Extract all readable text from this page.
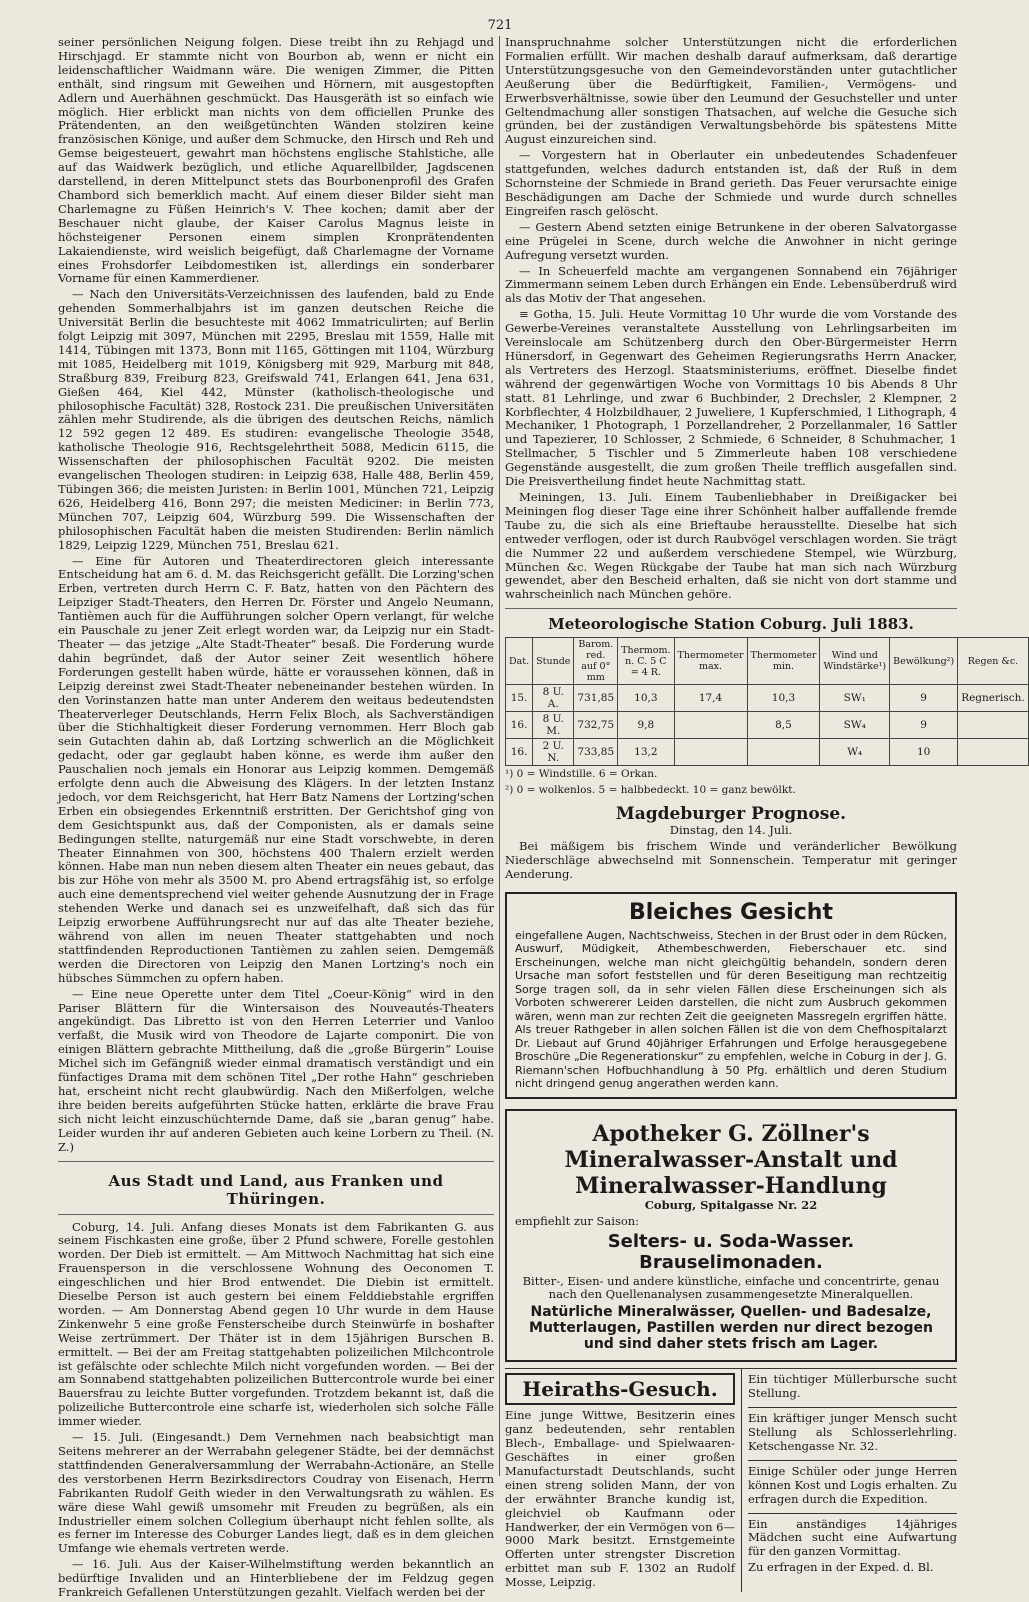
721

seiner persönlichen Neigung folgen. Diese treibt ihn zu Rehjagd und Hirschjagd. Er stammte nicht von Bourbon ab, wenn er nicht ein leidenschaftlicher Waidmann wäre. Die wenigen Zimmer, die Pitten enthält, sind ringsum mit Geweihen und Hörnern, mit ausgestopften Adlern und Auerhähnen geschmückt. Das Hausgeräth ist so einfach wie möglich. Hier erblickt man nichts von dem officiellen Prunke des Prätendenten, an den weißgetünchten Wänden stolziren keine französischen Könige, und außer dem Schmucke, den Hirsch und Reh und Gemse beigesteuert, gewahrt man höchstens englische Stahlstiche, alle auf das Waidwerk bezüglich, und etliche Aquarellbilder, Jagdscenen darstellend, in deren Mittelpunct stets das Bourbonenprofil des Grafen Chambord sich bemerklich macht. Auf einem dieser Bilder sieht man Charlemagne zu Füßen Heinrich's V. Thee kochen; damit aber der Beschauer nicht glaube, der Kaiser Carolus Magnus leiste in höchsteigener Personen einem simplen Kronprätendenten Lakaiendienste, wird weislich beigefügt, daß Charlemagne der Vorname eines Frohsdorfer Leibdomestiken ist, allerdings ein sonderbarer Vorname für einen Kammerdiener.

— Nach den Universitäts-Verzeichnissen des laufenden, bald zu Ende gehenden Sommerhalbjahrs ist im ganzen deutschen Reiche die Universität Berlin die besuchteste mit 4062 Immatriculirten; auf Berlin folgt Leipzig mit 3097, München mit 2295, Breslau mit 1559, Halle mit 1414, Tübingen mit 1373, Bonn mit 1165, Göttingen mit 1104, Würzburg mit 1085, Heidelberg mit 1019, Königsberg mit 929, Marburg mit 848, Straßburg 839, Freiburg 823, Greifswald 741, Erlangen 641, Jena 631, Gießen 464, Kiel 442, Münster (katholisch-theologische und philosophische Facultät) 328, Rostock 231. Die preußischen Universitäten zählen mehr Studirende, als die übrigen des deutschen Reichs, nämlich 12 592 gegen 12 489. Es studiren: evangelische Theologie 3548, katholische Theologie 916, Rechtsgelehrtheit 5088, Medicin 6115, die Wissenschaften der philosophischen Facultät 9202. Die meisten evangelischen Theologen studiren: in Leipzig 638, Halle 488, Berlin 459, Tübingen 366; die meisten Juristen: in Berlin 1001, München 721, Leipzig 626, Heidelberg 416, Bonn 297; die meisten Mediciner: in Berlin 773, München 707, Leipzig 604, Würzburg 599. Die Wissenschaften der philosophischen Facultät haben die meisten Studirenden: Berlin nämlich 1829, Leipzig 1229, München 751, Breslau 621.

— Eine für Autoren und Theaterdirectoren gleich interessante Entscheidung hat am 6. d. M. das Reichsgericht gefällt. Die Lorzing'schen Erben, vertreten durch Herrn C. F. Batz, hatten von den Pächtern des Leipziger Stadt-Theaters, den Herren Dr. Förster und Angelo Neumann, Tantièmen auch für die Aufführungen solcher Opern verlangt, für welche ein Pauschale zu jener Zeit erlegt worden war, da Leipzig nur ein Stadt-Theater — das jetzige „Alte Stadt-Theater“ besaß. Die Forderung wurde dahin begründet, daß der Autor seiner Zeit wesentlich höhere Forderungen gestellt haben würde, hätte er voraussehen können, daß in Leipzig dereinst zwei Stadt-Theater nebeneinander bestehen würden. In den Vorinstanzen hatte man unter Anderem den weitaus bedeutendsten Theaterverleger Deutschlands, Herrn Felix Bloch, als Sachverständigen über die Stichhaltigkeit dieser Forderung vernommen. Herr Bloch gab sein Gutachten dahin ab, daß Lortzing schwerlich an die Möglichkeit gedacht, oder gar geglaubt haben könne, es werde ihm außer den Pauschalien noch jemals ein Honorar aus Leipzig kommen. Demgemäß erfolgte denn auch die Abweisung des Klägers. In der letzten Instanz jedoch, vor dem Reichsgericht, hat Herr Batz Namens der Lortzing'schen Erben ein obsiegendes Erkenntniß erstritten. Der Gerichtshof ging von dem Gesichtspunkt aus, daß der Componisten, als er damals seine Bedingungen stellte, naturgemäß nur eine Stadt vorschwebte, in deren Theater Einnahmen von 300, höchstens 400 Thalern erzielt werden können. Habe man nun neben diesem alten Theater ein neues gebaut, das bis zur Höhe von mehr als 3500 M. pro Abend ertragsfähig ist, so erfolge auch eine dementsprechend viel weiter gehende Ausnutzung der in Frage stehenden Werke und danach sei es unzweifelhaft, daß sich das für Leipzig erworbene Aufführungsrecht nur auf das alte Theater beziehe, während von allen im neuen Theater stattgehabten und noch stattfindenden Reproductionen Tantièmen zu zahlen seien. Demgemäß werden die Directoren von Leipzig den Manen Lortzing's noch ein hübsches Sümmchen zu opfern haben.

— Eine neue Operette unter dem Titel „Coeur-König“ wird in den Pariser Blättern für die Wintersaison des Nouveautés-Theaters angekündigt. Das Libretto ist von den Herren Leterrier und Vanloo verfaßt, die Musik wird von Theodore de Lajarte componirt. Die von einigen Blättern gebrachte Mittheilung, daß die „große Bürgerin“ Louise Michel sich im Gefängniß wieder einmal dramatisch verständigt und ein fünfactiges Drama mit dem schönen Titel „Der rothe Hahn“ geschrieben hat, erscheint nicht recht glaubwürdig. Nach den Mißerfolgen, welche ihre beiden bereits aufgeführten Stücke hatten, erklärte die brave Frau sich nicht leicht einzuschüchternde Dame, daß sie „baran genug“ habe. Leider wurden ihr auf anderen Gebieten auch keine Lorbern zu Theil. (N. Z.)

Aus Stadt und Land, aus Franken und Thüringen.

Coburg, 14. Juli. Anfang dieses Monats ist dem Fabrikanten G. aus seinem Fischkasten eine große, über 2 Pfund schwere, Forelle gestohlen worden. Der Dieb ist ermittelt. — Am Mittwoch Nachmittag hat sich eine Frauensperson in die verschlossene Wohnung des Oeconomen T. eingeschlichen und hier Brod entwendet. Die Diebin ist ermittelt. Dieselbe Person ist auch gestern bei einem Felddiebstahle ergriffen worden. — Am Donnerstag Abend gegen 10 Uhr wurde in dem Hause Zinkenwehr 5 eine große Fensterscheibe durch Steinwürfe in boshafter Weise zertrümmert. Der Thäter ist in dem 15jährigen Burschen B. ermittelt. — Bei der am Freitag stattgehabten polizeilichen Milchcontrole ist gefälschte oder schlechte Milch nicht vorgefunden worden. — Bei der am Sonnabend stattgehabten polizeilichen Buttercontrole wurde bei einer Bauersfrau zu leichte Butter vorgefunden. Trotzdem bekannt ist, daß die polizeiliche Buttercontrole eine scharfe ist, wiederholen sich solche Fälle immer wieder.

— 15. Juli. (Eingesandt.) Dem Vernehmen nach beabsichtigt man Seitens mehrerer an der Werrabahn gelegener Städte, bei der demnächst stattfindenden Generalversammlung der Werrabahn-Actionäre, an Stelle des verstorbenen Herrn Bezirksdirectors Coudray von Eisenach, Herrn Fabrikanten Rudolf Geith wieder in den Verwaltungsrath zu wählen. Es wäre diese Wahl gewiß umsomehr mit Freuden zu begrüßen, als ein Industrieller einem solchen Collegium überhaupt nicht fehlen sollte, als es ferner im Interesse des Coburger Landes liegt, daß es in dem gleichen Umfange wie ehemals vertreten werde.

— 16. Juli. Aus der Kaiser-Wilhelmstiftung werden bekanntlich an bedürftige Invaliden und an Hinterbliebene der im Feldzug gegen Frankreich Gefallenen Unterstützungen gezahlt. Vielfach werden bei der

Inanspruchnahme solcher Unterstützungen nicht die erforderlichen Formalien erfüllt. Wir machen deshalb darauf aufmerksam, daß derartige Unterstützungsgesuche von den Gemeindevorständen unter gutachtlicher Aeußerung über die Bedürftigkeit, Familien-, Vermögens- und Erwerbsverhältnisse, sowie über den Leumund der Gesuchsteller und unter Geltendmachung aller sonstigen Thatsachen, auf welche die Gesuche sich gründen, bei der zuständigen Verwaltungsbehörde bis spätestens Mitte August einzureichen sind.

— Vorgestern hat in Oberlauter ein unbedeutendes Schadenfeuer stattgefunden, welches dadurch entstanden ist, daß der Ruß in dem Schornsteine der Schmiede in Brand gerieth. Das Feuer verursachte einige Beschädigungen am Dache der Schmiede und wurde durch schnelles Eingreifen rasch gelöscht.

— Gestern Abend setzten einige Betrunkene in der oberen Salvatorgasse eine Prügelei in Scene, durch welche die Anwohner in nicht geringe Aufregung versetzt wurden.

— In Scheuerfeld machte am vergangenen Sonnabend ein 76jähriger Zimmermann seinem Leben durch Erhängen ein Ende. Lebensüberdruß wird als das Motiv der That angesehen.

≡ Gotha, 15. Juli. Heute Vormittag 10 Uhr wurde die vom Vorstande des Gewerbe-Vereines veranstaltete Ausstellung von Lehrlingsarbeiten im Vereinslocale am Schützenberg durch den Ober-Bürgermeister Herrn Hünersdorf, in Gegenwart des Geheimen Regierungsraths Herrn Anacker, als Vertreters des Herzogl. Staatsministeriums, eröffnet. Dieselbe findet während der gegenwärtigen Woche von Vormittags 10 bis Abends 8 Uhr statt. 81 Lehrlinge, und zwar 6 Buchbinder, 2 Drechsler, 2 Klempner, 2 Korbflechter, 4 Holzbildhauer, 2 Juweliere, 1 Kupferschmied, 1 Lithograph, 4 Mechaniker, 1 Photograph, 1 Porzellandreher, 2 Porzellanmaler, 16 Sattler und Tapezierer, 10 Schlosser, 2 Schmiede, 6 Schneider, 8 Schuhmacher, 1 Stellmacher, 5 Tischler und 5 Zimmerleute haben 108 verschiedene Gegenstände ausgestellt, die zum großen Theile trefflich ausgefallen sind. Die Preisvertheilung findet heute Nachmittag statt.

Meiningen, 13. Juli. Einem Taubenliebhaber in Dreißigacker bei Meiningen flog dieser Tage eine ihrer Schönheit halber auffallende fremde Taube zu, die sich als eine Brieftaube herausstellte. Dieselbe hat sich entweder verflogen, oder ist durch Raubvögel verschlagen worden. Sie trägt die Nummer 22 und außerdem verschiedene Stempel, wie Würzburg, München &c. Wegen Rückgabe der Taube hat man sich nach Würzburg gewendet, aber den Bescheid erhalten, daß sie nicht von dort stamme und wahrscheinlich nach München gehöre.

Meteorologische Station Coburg. Juli 1883.
Dat.	Stunde	Barom. red. auf 0° mm	Thermom. n. C. 5 C = 4 R.	Thermometer max.	Thermometer min.	Wind und Windstärke¹)	Bewölkung²)	Regen &c.
15.	8 U. A.	731,85	10,3	17,4	10,3	SW₁	9	Regnerisch.
16.	8 U. M.	732,75	9,8		8,5	SW₄	9	
16.	2 U. N.	733,85	13,2			W₄	10	

¹) 0 = Windstille. 6 = Orkan.

²) 0 = wolkenlos. 5 = halbbedeckt. 10 = ganz bewölkt.

Magdeburger Prognose.

Dinstag, den 14. Juli.

Bei mäßigem bis frischem Winde und veränderlicher Bewölkung Niederschläge abwechselnd mit Sonnenschein. Temperatur mit geringer Aenderung.

Bleiches Gesicht

eingefallene Augen, Nachtschweiss, Stechen in der Brust oder in dem Rücken, Auswurf, Müdigkeit, Athembeschwerden, Fieberschauer etc. sind Erscheinungen, welche man nicht gleichgültig behandeln, sondern deren Ursache man sofort feststellen und für deren Beseitigung man rechtzeitig Sorge tragen soll, da in sehr vielen Fällen diese Erscheinungen sich als Vorboten schwererer Leiden darstellen, die nicht zum Ausbruch gekommen wären, wenn man zur rechten Zeit die geeigneten Massregeln ergriffen hätte. Als treuer Rathgeber in allen solchen Fällen ist die von dem Chefhospitalarzt Dr. Liebaut auf Grund 40jähriger Erfahrungen und Erfolge herausgegebene Broschüre „Die Regenerationskur“ zu empfehlen, welche in Coburg in der J. G. Riemann'schen Hofbuchhandlung à 50 Pfg. erhältlich und deren Studium nicht dringend genug angerathen werden kann.

Apotheker G. Zöllner's Mineralwasser-Anstalt und Mineralwasser-Handlung

Coburg, Spitalgasse Nr. 22

empfiehlt zur Saison:

Selters- u. Soda-Wasser. Brauselimonaden.

Bitter-, Eisen- und andere künstliche, einfache und concentrirte, genau nach den Quellenanalysen zusammengesetzte Mineralquellen.

Natürliche Mineralwässer, Quellen- und Badesalze, Mutterlaugen, Pastillen werden nur direct bezogen und sind daher stets frisch am Lager.
Heiraths-Gesuch.

Eine junge Wittwe, Besitzerin eines ganz bedeutenden, sehr rentablen Blech-, Emballage- und Spielwaaren-Geschäftes in einer großen Manufacturstadt Deutschlands, sucht einen streng soliden Mann, der von der erwähnter Branche kundig ist, gleichviel ob Kaufmann oder Handwerker, der ein Vermögen von 6—9000 Mark besitzt. Ernstgemeinte Offerten unter strengster Discretion erbittet man sub F. 1302 an Rudolf Mosse, Leipzig.

Ein tüchtiger Müllerbursche sucht Stellung.

Ein kräftiger junger Mensch sucht Stellung als Schlosserlehrling. Ketschengasse Nr. 32.

Einige Schüler oder junge Herren können Kost und Logis erhalten. Zu erfragen durch die Expedition.

Ein anständiges 14jähriges Mädchen sucht eine Aufwartung für den ganzen Vormittag.

Zu erfragen in der Exped. d. Bl.
